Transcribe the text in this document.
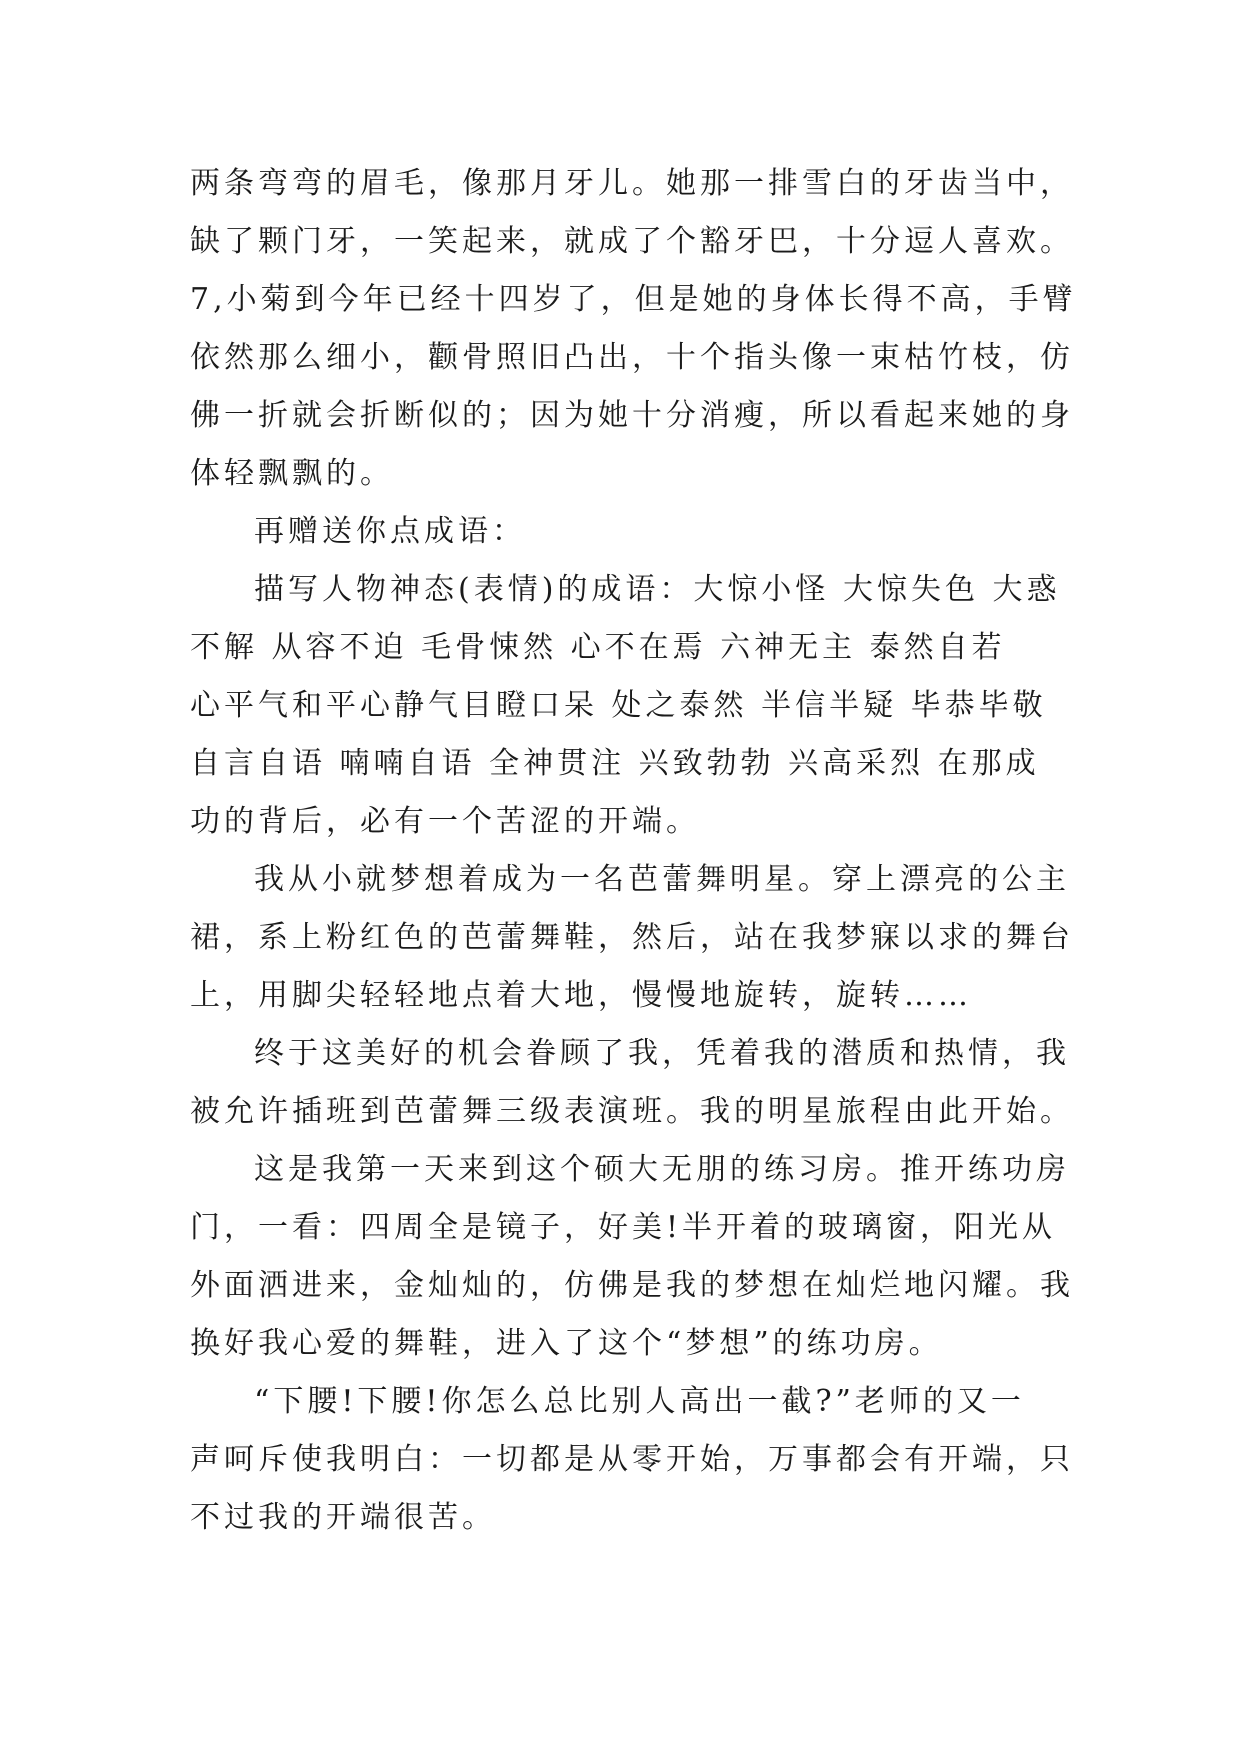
两条弯弯的眉毛，像那月牙儿。她那一排雪白的牙齿当中，
缺了颗门牙，一笑起来，就成了个豁牙巴，十分逗人喜欢。
7,小菊到今年已经十四岁了，但是她的身体长得不高，手臂
依然那么细小，颧骨照旧凸出，十个指头像一束枯竹枝，仿
佛一折就会折断似的；因为她十分消瘦，所以看起来她的身
体轻飘飘的。
再赠送你点成语：
描写人物神态(表情)的成语：大惊小怪 大惊失色 大惑
不解 从容不迫 毛骨悚然 心不在焉 六神无主 泰然自若
心平气和平心静气目瞪口呆 处之泰然 半信半疑 毕恭毕敬
自言自语 喃喃自语 全神贯注 兴致勃勃 兴高采烈 在那成
功的背后，必有一个苦涩的开端。
我从小就梦想着成为一名芭蕾舞明星。穿上漂亮的公主
裙，系上粉红色的芭蕾舞鞋，然后，站在我梦寐以求的舞台
上，用脚尖轻轻地点着大地，慢慢地旋转，旋转……
终于这美好的机会眷顾了我，凭着我的潜质和热情，我
被允许插班到芭蕾舞三级表演班。我的明星旅程由此开始。
这是我第一天来到这个硕大无朋的练习房。推开练功房
门，一看：四周全是镜子，好美!半开着的玻璃窗，阳光从
外面洒进来，金灿灿的，仿佛是我的梦想在灿烂地闪耀。我
换好我心爱的舞鞋，进入了这个“梦想”的练功房。
“下腰!下腰!你怎么总比别人高出一截?”老师的又一
声呵斥使我明白：一切都是从零开始，万事都会有开端，只
不过我的开端很苦。
